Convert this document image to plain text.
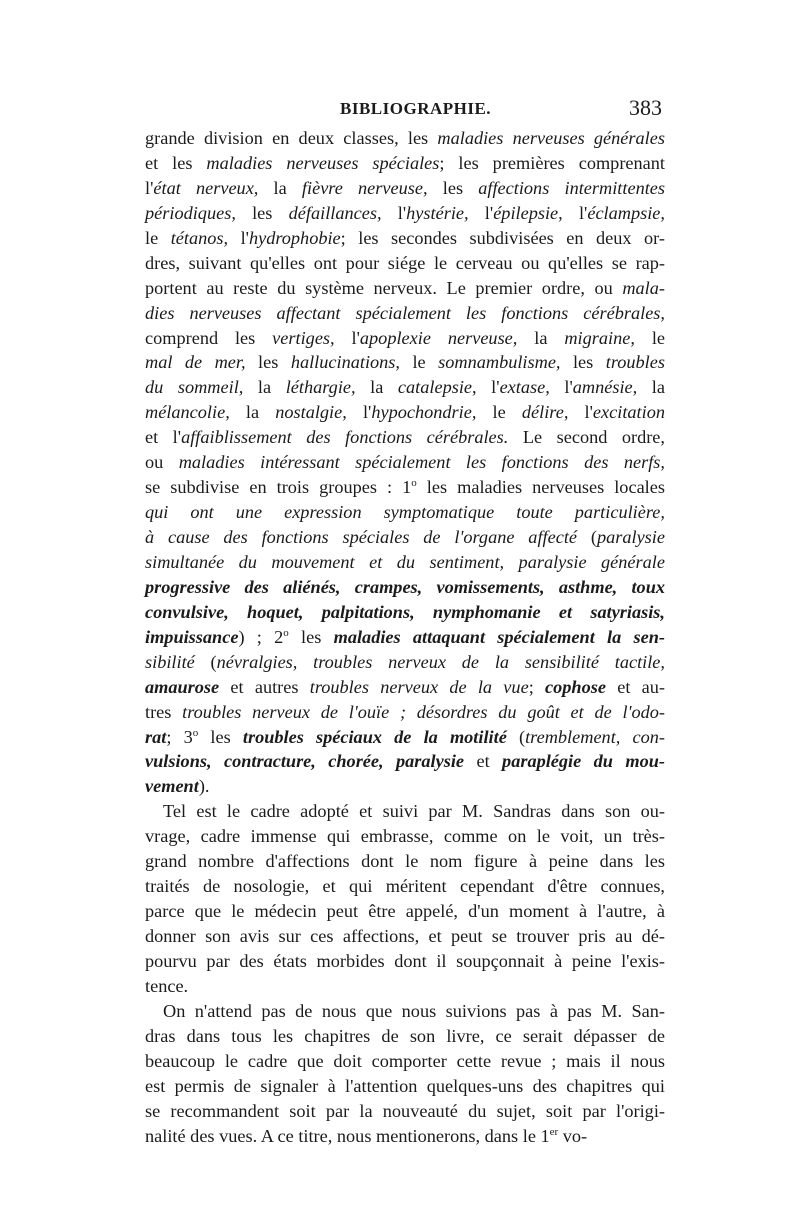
BIBLIOGRAPHIE.	383
grande division en deux classes, les maladies nerveuses générales
et les maladies nerveuses spéciales; les premières comprenant
l'état nerveux, la fièvre nerveuse, les affections intermittentes
périodiques, les défaillances, l'hystérie, l'épilepsie, l'éclampsie,
le tétanos, l'hydrophobie; les secondes subdivisées en deux or-
dres, suivant qu'elles ont pour siége le cerveau ou qu'elles se rap-
portent au reste du système nerveux. Le premier ordre, ou mala-
dies nerveuses affectant spécialement les fonctions cérébrales,
comprend les vertiges, l'apoplexie nerveuse, la migraine, le
mal de mer, les hallucinations, le somnambulisme, les troubles
du sommeil, la léthargie, la catalepsie, l'extase, l'amnésie, la
mélancolie, la nostalgie, l'hypochondrie, le délire, l'excitation
et l'affaiblissement des fonctions cérébrales. Le second ordre,
ou maladies intéressant spécialement les fonctions des nerfs,
se subdivise en trois groupes : 1$^o$ les maladies nerveuses locales
qui ont une expression symptomatique toute particulière,
à cause des fonctions spéciales de l'organe affecté (paralysie
simultanée du mouvement et du sentiment, paralysie générale
progressive des aliénés, crampes, vomissements, asthme, toux
convulsive, hoquet, palpitations, nymphomanie et satyriasis,
impuissance) ; 2$^o$ les maladies attaquant spécialement la sen-
sibilité (névralgies, troubles nerveux de la sensibilité tactile,
amaurose et autres troubles nerveux de la vue; cophose et au-
tres troubles nerveux de l'ouïe ; désordres du goût et de l'odo-
rat; 3$^o$ les troubles spéciaux de la motilité (tremblement, con-
vulsions, contracture, chorée, paralysie et paraplégie du mou-
vement).
Tel est le cadre adopté et suivi par M. Sandras dans son ou-
vrage, cadre immense qui embrasse, comme on le voit, un très-
grand nombre d'affections dont le nom figure à peine dans les
traités de nosologie, et qui méritent cependant d'être connues,
parce que le médecin peut être appelé, d'un moment à l'autre, à
donner son avis sur ces affections, et peut se trouver pris au dé-
pourvu par des états morbides dont il soupçonnait à peine l'exis-
tence.
On n'attend pas de nous que nous suivions pas à pas M. San-
dras dans tous les chapitres de son livre, ce serait dépasser de
beaucoup le cadre que doit comporter cette revue ; mais il nous
est permis de signaler à l'attention quelques-uns des chapitres qui
se recommandent soit par la nouveauté du sujet, soit par l'origi-
nalité des vues. A ce titre, nous mentionerons, dans le 1er vo-
